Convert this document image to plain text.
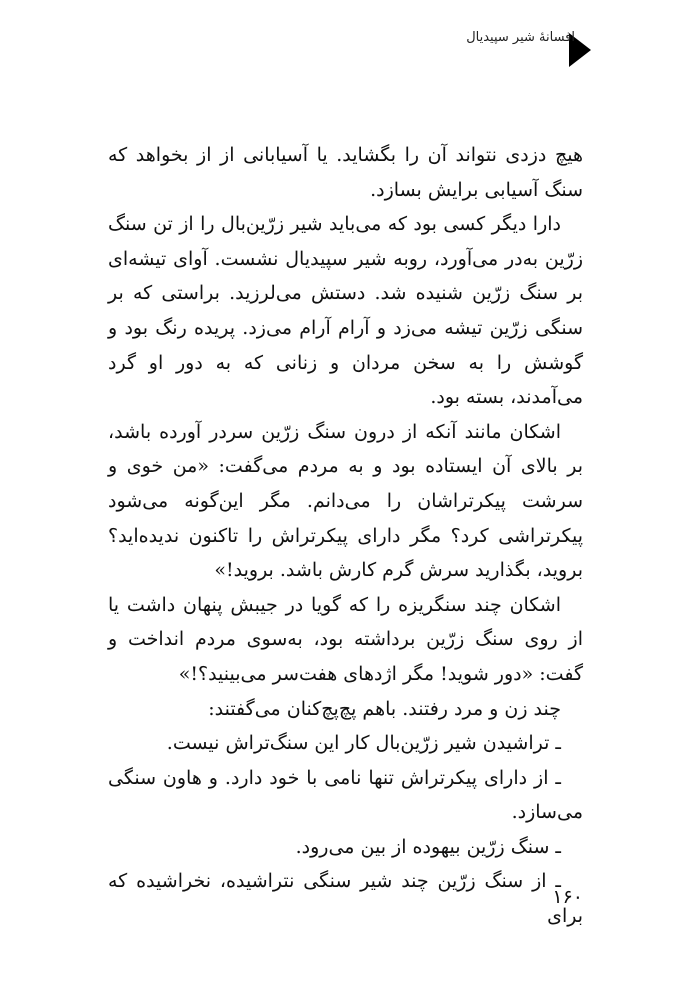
افسانهٔ شیر سپیدیال

هیچ دزدی نتواند آن را بگشاید. یا آسیابانی از از بخواهد که سنگ آسیابی برایش بسازد.

دارا دیگر کسی بود که می‌باید شیر زرّین‌بال را از تن سنگ زرّین به‌در می‌آورد، روبه شیر سپیدیال نشست. آوای تیشه‌ای بر سنگ زرّین شنیده شد. دستش می‌لرزید. براستی که بر سنگی زرّین تیشه می‌زد و آرام آرام می‌زد. پریده رنگ بود و گوشش را به سخن مردان و زنانی که به دور او گرد می‌آمدند، بسته بود.

اشکان مانند آنکه از درون سنگ زرّین سردر آورده باشد، بر بالای آن ایستاده بود و به مردم می‌گفت: «من خوی و سرشت پیکرتراشان را می‌دانم. مگر این‌گونه می‌شود پیکرتراشی کرد؟ مگر دارای پیکرتراش را تاکنون ندیده‌اید؟ بروید، بگذارید سرش گرم کارش باشد. بروید!»

اشکان چند سنگریزه را که گویا در جیبش پنهان داشت یا از روی سنگ زرّین برداشته بود، به‌سوی مردم انداخت و گفت: «دور شوید! مگر اژدهای هفت‌سر می‌بینید؟!»

چند زن و مرد رفتند. باهم پچ‌پچ‌کنان می‌گفتند:

ـ تراشیدن شیر زرّین‌بال کار این سنگ‌تراش نیست.

ـ از دارای پیکرتراش تنها نامی با خود دارد. و هاون سنگی می‌سازد.

ـ سنگ زرّین بیهوده از بین می‌رود.

ـ از سنگ زرّین چند شیر سنگی نتراشیده، نخراشیده که برای

۱۶۰
